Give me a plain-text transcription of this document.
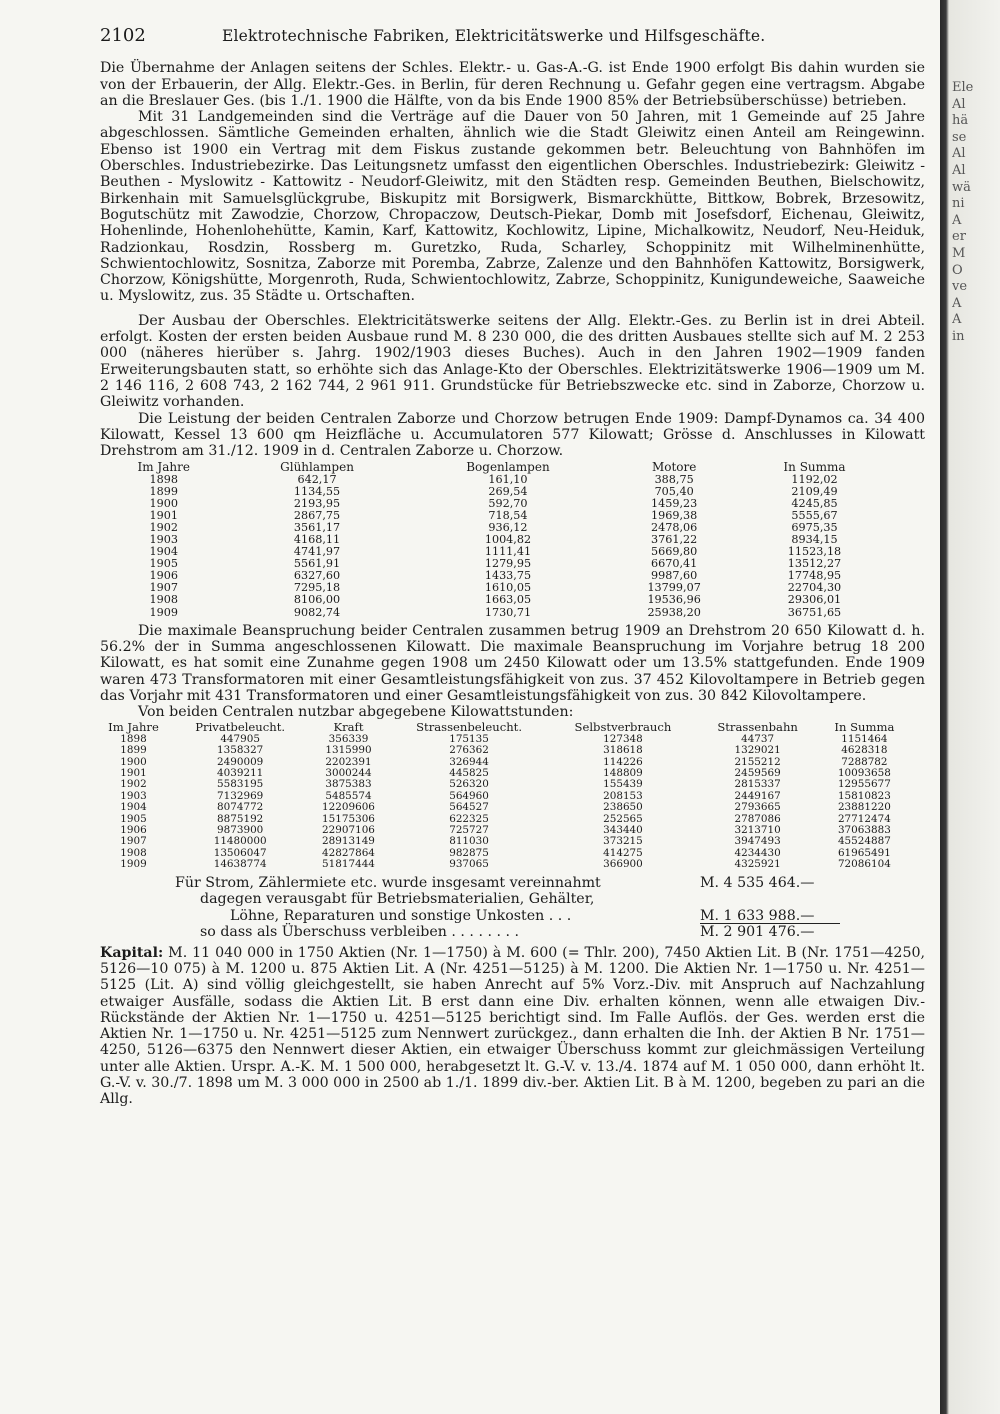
Ele
Al
hä
se
Al
Al
wä
ni
A
er
M
O
ve
A
A
in
2102	Elektrotechnische Fabriken, Elektricitätswerke und Hilfsgeschäfte.

Die Übernahme der Anlagen seitens der Schles. Elektr.- u. Gas-A.-G. ist Ende 1900 erfolgt Bis dahin wurden sie von der Erbauerin, der Allg. Elektr.-Ges. in Berlin, für deren Rechnung u. Gefahr gegen eine vertragsm. Abgabe an die Breslauer Ges. (bis 1./1. 1900 die Hälfte, von da bis Ende 1900 85% der Betriebsüberschüsse) betrieben.

Mit 31 Landgemeinden sind die Verträge auf die Dauer von 50 Jahren, mit 1 Gemeinde auf 25 Jahre abgeschlossen. Sämtliche Gemeinden erhalten, ähnlich wie die Stadt Gleiwitz einen Anteil am Reingewinn. Ebenso ist 1900 ein Vertrag mit dem Fiskus zustande gekommen betr. Beleuchtung von Bahnhöfen im Oberschles. Industriebezirke. Das Leitungsnetz umfasst den eigentlichen Oberschles. Industriebezirk: Gleiwitz - Beuthen - Myslowitz - Kattowitz - Neudorf-Gleiwitz, mit den Städten resp. Gemeinden Beuthen, Bielschowitz, Birkenhain mit Samuelsglückgrube, Biskupitz mit Borsigwerk, Bismarckhütte, Bittkow, Bobrek, Brzesowitz, Bogutschütz mit Zawodzie, Chorzow, Chropaczow, Deutsch-Piekar, Domb mit Josefsdorf, Eichenau, Gleiwitz, Hohenlinde, Hohenlohehütte, Kamin, Karf, Kattowitz, Kochlowitz, Lipine, Michalkowitz, Neudorf, Neu-Heiduk, Radzionkau, Rosdzin, Rossberg m. Guretzko, Ruda, Scharley, Schoppinitz mit Wilhelminenhütte, Schwientochlowitz, Sosnitza, Zaborze mit Poremba, Zabrze, Zalenze und den Bahnhöfen Kattowitz, Borsigwerk, Chorzow, Königshütte, Morgenroth, Ruda, Schwientochlowitz, Zabrze, Schoppinitz, Kunigundeweiche, Saaweiche u. Myslowitz, zus. 35 Städte u. Ortschaften.

Der Ausbau der Oberschles. Elektricitätswerke seitens der Allg. Elektr.-Ges. zu Berlin ist in drei Abteil. erfolgt. Kosten der ersten beiden Ausbaue rund M. 8 230 000, die des dritten Ausbaues stellte sich auf M. 2 253 000 (näheres hierüber s. Jahrg. 1902/1903 dieses Buches). Auch in den Jahren 1902—1909 fanden Erweiterungsbauten statt, so erhöhte sich das Anlage-Kto der Oberschles. Elektrizitätswerke 1906—1909 um M. 2 146 116, 2 608 743, 2 162 744, 2 961 911. Grundstücke für Betriebszwecke etc. sind in Zaborze, Chorzow u. Gleiwitz vorhanden.

Die Leistung der beiden Centralen Zaborze und Chorzow betrugen Ende 1909: Dampf-Dynamos ca. 34 400 Kilowatt, Kessel 13 600 qm Heizfläche u. Accumulatoren 577 Kilowatt; Grösse d. Anschlusses in Kilowatt Drehstrom am 31./12. 1909 in d. Centralen Zaborze u. Chorzow.

Im Jahre	Glühlampen	Bogenlampen	Motore	In Summa
1898	642,17	161,10	388,75	1192,02
1899	1134,55	269,54	705,40	2109,49
1900	2193,95	592,70	1459,23	4245,85
1901	2867,75	718,54	1969,38	5555,67
1902	3561,17	936,12	2478,06	6975,35
1903	4168,11	1004,82	3761,22	8934,15
1904	4741,97	1111,41	5669,80	11523,18
1905	5561,91	1279,95	6670,41	13512,27
1906	6327,60	1433,75	9987,60	17748,95
1907	7295,18	1610,05	13799,07	22704,30
1908	8106,00	1663,05	19536,96	29306,01
1909	9082,74	1730,71	25938,20	36751,65

Die maximale Beanspruchung beider Centralen zusammen betrug 1909 an Drehstrom 20 650 Kilowatt d. h. 56.2% der in Summa angeschlossenen Kilowatt. Die maximale Beanspruchung im Vorjahre betrug 18 200 Kilowatt, es hat somit eine Zunahme gegen 1908 um 2450 Kilowatt oder um 13.5% stattgefunden. Ende 1909 waren 473 Transformatoren mit einer Gesamtleistungsfähigkeit von zus. 37 452 Kilovoltampere in Betrieb gegen das Vorjahr mit 431 Transformatoren und einer Gesamtleistungsfähigkeit von zus. 30 842 Kilovoltampere.

Von beiden Centralen nutzbar abgegebene Kilowattstunden:

Im Jahre	Privatbeleucht.	Kraft	Strassenbeleucht.	Selbstverbrauch	Strassenbahn	In Summa
1898	447905	356339	175135	127348	44737	1151464
1899	1358327	1315990	276362	318618	1329021	4628318
1900	2490009	2202391	326944	114226	2155212	7288782
1901	4039211	3000244	445825	148809	2459569	10093658
1902	5583195	3875383	526320	155439	2815337	12955677
1903	7132969	5485574	564960	208153	2449167	15810823
1904	8074772	12209606	564527	238650	2793665	23881220
1905	8875192	15175306	622325	252565	2787086	27712474
1906	9873900	22907106	725727	343440	3213710	37063883
1907	11480000	28913149	811030	373215	3947493	45524887
1908	13506047	42827864	982875	414275	4234430	61965491
1909	14638774	51817444	937065	366900	4325921	72086104
Für Strom, Zählermiete etc. wurde insgesamt vereinnahmt	M. 4 535 464.—
dagegen verausgabt für Betriebsmaterialien, Gehälter,
Löhne, Reparaturen und sonstige Unkosten . . .	M. 1 633 988.—
so dass als Überschuss verbleiben . . . . . . . .	M. 2 901 476.—

Kapital: M. 11 040 000 in 1750 Aktien (Nr. 1—1750) à M. 600 (= Thlr. 200), 7450 Aktien Lit. B (Nr. 1751—4250, 5126—10 075) à M. 1200 u. 875 Aktien Lit. A (Nr. 4251—5125) à M. 1200. Die Aktien Nr. 1—1750 u. Nr. 4251—5125 (Lit. A) sind völlig gleichgestellt, sie haben Anrecht auf 5% Vorz.-Div. mit Anspruch auf Nachzahlung etwaiger Ausfälle, sodass die Aktien Lit. B erst dann eine Div. erhalten können, wenn alle etwaigen Div.-Rückstände der Aktien Nr. 1—1750 u. 4251—5125 berichtigt sind. Im Falle Auflös. der Ges. werden erst die Aktien Nr. 1—1750 u. Nr. 4251—5125 zum Nennwert zurückgez., dann erhalten die Inh. der Aktien B Nr. 1751—4250, 5126—6375 den Nennwert dieser Aktien, ein etwaiger Überschuss kommt zur gleichmässigen Verteilung unter alle Aktien. Urspr. A.-K. M. 1 500 000, herabgesetzt lt. G.-V. v. 13./4. 1874 auf M. 1 050 000, dann erhöht lt. G.-V. v. 30./7. 1898 um M. 3 000 000 in 2500 ab 1./1. 1899 div.-ber. Aktien Lit. B à M. 1200, begeben zu pari an die Allg.
